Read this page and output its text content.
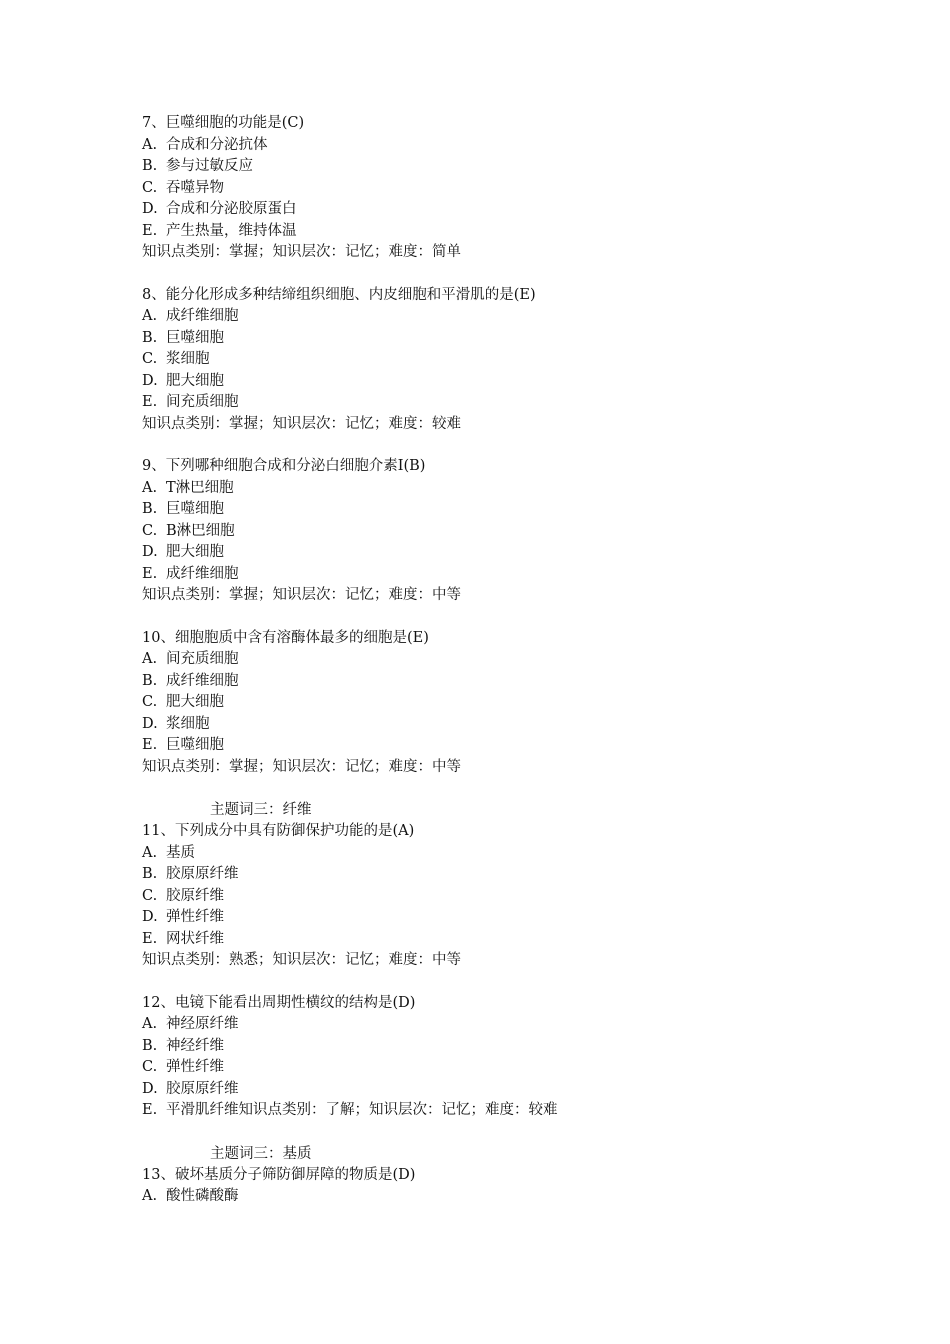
7、巨噬细胞的功能是(C)
A. 合成和分泌抗体
B. 参与过敏反应
C. 吞噬异物
D. 合成和分泌胶原蛋白
E. 产生热量，维持体温
知识点类别：掌握；知识层次：记忆；难度：简单
8、能分化形成多种结缔组织细胞、内皮细胞和平滑肌的是(E)
A. 成纤维细胞
B. 巨噬细胞
C. 浆细胞
D. 肥大细胞
E. 间充质细胞
知识点类别：掌握；知识层次：记忆；难度：较难
9、下列哪种细胞合成和分泌白细胞介素Ⅰ(B)
A. T淋巴细胞
B. 巨噬细胞
C. B淋巴细胞
D. 肥大细胞
E. 成纤维细胞
知识点类别：掌握；知识层次：记忆；难度：中等
10、细胞胞质中含有溶酶体最多的细胞是(E)
A. 间充质细胞
B. 成纤维细胞
C. 肥大细胞
D. 浆细胞
E. 巨噬细胞
知识点类别：掌握；知识层次：记忆；难度：中等
主题词三：纤维
11、下列成分中具有防御保护功能的是(A)
A. 基质
B. 胶原原纤维
C. 胶原纤维
D. 弹性纤维
E. 网状纤维
知识点类别：熟悉；知识层次：记忆；难度：中等
12、电镜下能看出周期性横纹的结构是(D)
A. 神经原纤维
B. 神经纤维
C. 弹性纤维
D. 胶原原纤维
E. 平滑肌纤维知识点类别：了解；知识层次：记忆；难度：较难
主题词三：基质
13、破坏基质分子筛防御屏障的物质是(D)
A. 酸性磷酸酶
